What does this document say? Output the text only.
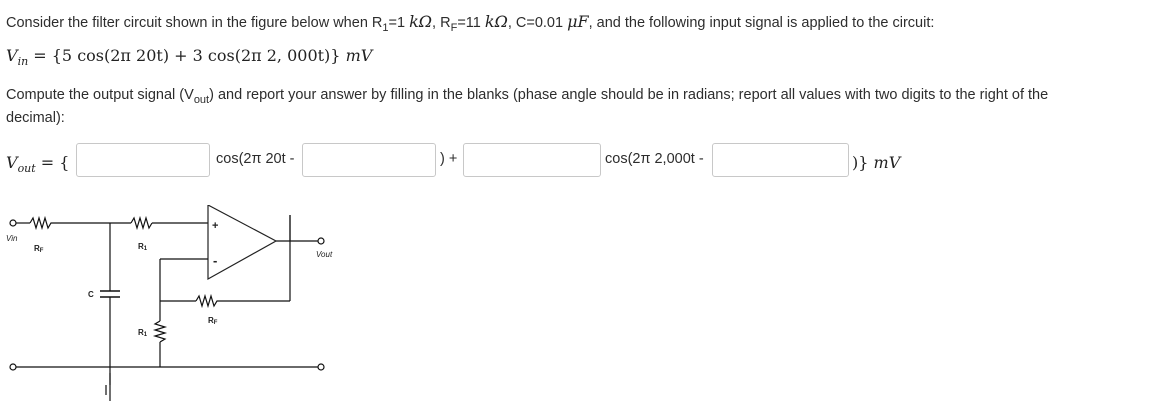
Consider the filter circuit shown in the figure below when $R_1=1$ kΩ, $R_F=11$ kΩ, C=0.01 μF, and the following input signal is applied to the circuit:
$V_{in} = \{5$ cos(2π 20t) + 3 cos(2π 2, 000t)} mV
Compute the output signal $(V_{out})$ and report your answer by filling in the blanks (phase angle should be in radians; report all values with two digits to the right of the
decimal):
$V_{out}$ = {	cos(2π 20t -	) +	cos(2π 2,000t -	)} mV
Vin
RF	R1
+
-	Vout
C
RF
R1
